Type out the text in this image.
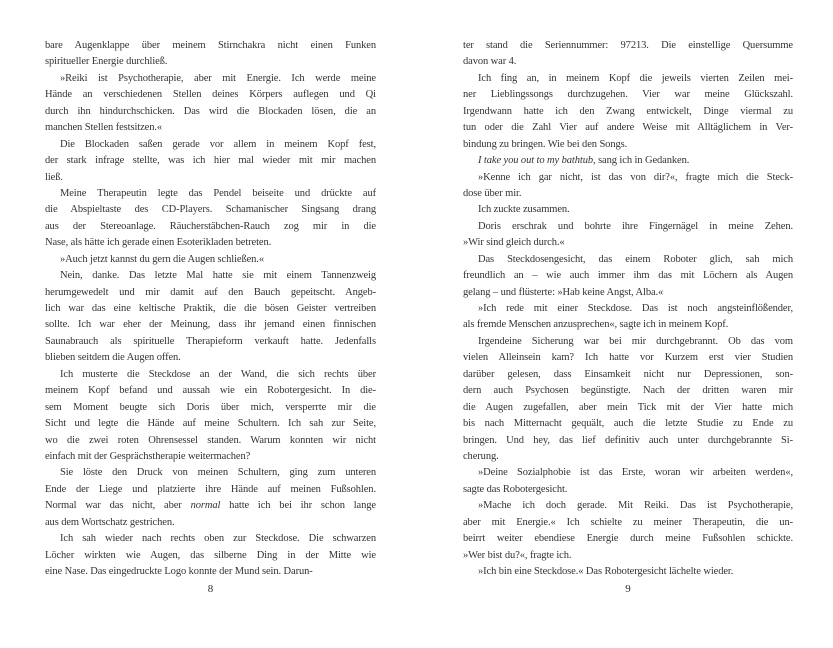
bare Augenklappe über meinem Stirnchakra nicht einen Funken
spiritueller Energie durchließ.
»Reiki ist Psychotherapie, aber mit Energie. Ich werde meine
Hände an verschiedenen Stellen deines Körpers auflegen und Qi
durch ihn hindurchschicken. Das wird die Blockaden lösen, die an
manchen Stellen festsitzen.«
Die Blockaden saßen gerade vor allem in meinem Kopf fest,
der stark infrage stellte, was ich hier mal wieder mit mir machen
ließ.
Meine Therapeutin legte das Pendel beiseite und drückte auf
die Abspieltaste des CD-Players. Schamanischer Singsang drang
aus der Stereoanlage. Räucherstäbchen-Rauch zog mir in die
Nase, als hätte ich gerade einen Esoterikladen betreten.
»Auch jetzt kannst du gern die Augen schließen.«
Nein, danke. Das letzte Mal hatte sie mit einem Tannenzweig
herumgewedelt und mir damit auf den Bauch gepeitscht. Angeb-
lich war das eine keltische Praktik, die die bösen Geister vertreiben
sollte. Ich war eher der Meinung, dass ihr jemand einen finnischen
Saunabrauch als spirituelle Therapieform verkauft hatte. Jedenfalls
blieben seitdem die Augen offen.
Ich musterte die Steckdose an der Wand, die sich rechts über
meinem Kopf befand und aussah wie ein Robotergesicht. In die-
sem Moment beugte sich Doris über mich, versperrte mir die
Sicht und legte die Hände auf meine Schultern. Ich sah zur Seite,
wo die zwei roten Ohrensessel standen. Warum konnten wir nicht
einfach mit der Gesprächstherapie weitermachen?
Sie löste den Druck von meinen Schultern, ging zum unteren
Ende der Liege und platzierte ihre Hände auf meinen Fußsohlen.
Normal war das nicht, aber normal hatte ich bei ihr schon lange
aus dem Wortschatz gestrichen.
Ich sah wieder nach rechts oben zur Steckdose. Die schwarzen
Löcher wirkten wie Augen, das silberne Ding in der Mitte wie
eine Nase. Das eingedruckte Logo konnte der Mund sein. Darun-
8
ter stand die Seriennummer: 97213. Die einstellige Quersumme
davon war 4.
Ich fing an, in meinem Kopf die jeweils vierten Zeilen mei-
ner Lieblingssongs durchzugehen. Vier war meine Glückszahl.
Irgendwann hatte ich den Zwang entwickelt, Dinge viermal zu
tun oder die Zahl Vier auf andere Weise mit Alltäglichem in Ver-
bindung zu bringen. Wie bei den Songs.
I take you out to my bathtub, sang ich in Gedanken.
»Kenne ich gar nicht, ist das von dir?«, fragte mich die Steck-
dose über mir.
Ich zuckte zusammen.
Doris erschrak und bohrte ihre Fingernägel in meine Zehen.
»Wir sind gleich durch.«
Das Steckdosengesicht, das einem Roboter glich, sah mich
freundlich an – wie auch immer ihm das mit Löchern als Augen
gelang – und flüsterte: »Hab keine Angst, Alba.«
»Ich rede mit einer Steckdose. Das ist noch angsteinflößender,
als fremde Menschen anzusprechen«, sagte ich in meinem Kopf.
Irgendeine Sicherung war bei mir durchgebrannt. Ob das vom
vielen Alleinsein kam? Ich hatte vor Kurzem erst vier Studien
darüber gelesen, dass Einsamkeit nicht nur Depressionen, son-
dern auch Psychosen begünstigte. Nach der dritten waren mir
die Augen zugefallen, aber mein Tick mit der Vier hatte mich
bis nach Mitternacht gequält, auch die letzte Studie zu Ende zu
bringen. Und hey, das lief definitiv auch unter durchgebrannte Si-
cherung.
»Deine Sozialphobie ist das Erste, woran wir arbeiten werden«,
sagte das Robotergesicht.
»Mache ich doch gerade. Mit Reiki. Das ist Psychotherapie,
aber mit Energie.« Ich schielte zu meiner Therapeutin, die un-
beirrt weiter ebendiese Energie durch meine Fußsohlen schickte.
»Wer bist du?«, fragte ich.
»Ich bin eine Steckdose.« Das Robotergesicht lächelte wieder.
9
